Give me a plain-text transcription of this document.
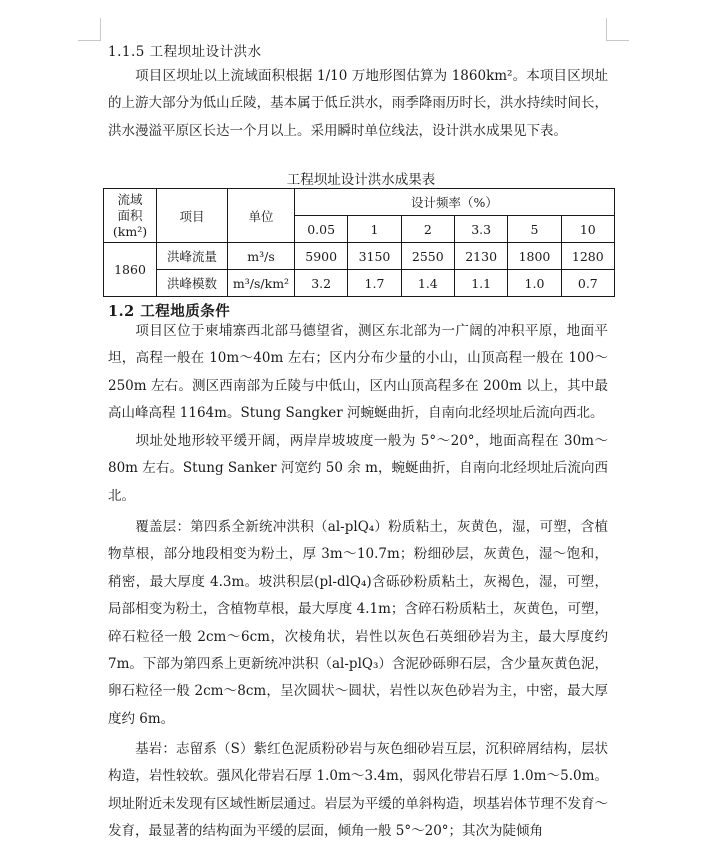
1.1.5 工程坝址设计洪水
项目区坝址以上流域面积根据 1/10 万地形图估算为 1860km²。本项目区坝址的上游大部分为低山丘陵，基本属于低丘洪水，雨季降雨历时长，洪水持续时间长，洪水漫溢平原区长达一个月以上。采用瞬时单位线法，设计洪水成果见下表。
工程坝址设计洪水成果表
流域
面积
(km²)	项目	单位	设计频率（%）					
			0.05	1	2	3.3	5	10
1860	洪峰流量	m³/s	5900	3150	2550	2130	1800	1280
	洪峰模数	m³/s/km²	3.2	1.7	1.4	1.1	1.0	0.7
1.2 工程地质条件
项目区位于柬埔寨西北部马德望省，测区东北部为一广阔的冲积平原，地面平坦，高程一般在 10m～40m 左右；区内分布少量的小山，山顶高程一般在 100～250m 左右。测区西南部为丘陵与中低山，区内山顶高程多在 200m 以上，其中最高山峰高程 1164m。Stung Sangker 河蜿蜒曲折，自南向北经坝址后流向西北。
坝址处地形较平缓开阔，两岸岸坡坡度一般为 5°～20°，地面高程在 30m～80m 左右。Stung Sanker 河宽约 50 余 m，蜿蜒曲折，自南向北经坝址后流向西北。
覆盖层：第四系全新统冲洪积（al-plQ₄）粉质粘土，灰黄色，湿，可塑，含植物草根，部分地段相变为粉土，厚 3m～10.7m；粉细砂层，灰黄色，湿～饱和，稍密，最大厚度 4.3m。坡洪积层(pl-dlQ₄)含砾砂粉质粘土，灰褐色，湿，可塑，局部相变为粉土，含植物草根，最大厚度 4.1m；含碎石粉质粘土，灰黄色，可塑，碎石粒径一般 2cm～6cm，次棱角状，岩性以灰色石英细砂岩为主，最大厚度约 7m。下部为第四系上更新统冲洪积（al-plQ₃）含泥砂砾卵石层，含少量灰黄色泥，卵石粒径一般 2cm～8cm，呈次圆状～圆状，岩性以灰色砂岩为主，中密，最大厚度约 6m。
基岩：志留系（S）紫红色泥质粉砂岩与灰色细砂岩互层，沉积碎屑结构，层状构造，岩性较软。强风化带岩石厚 1.0m～3.4m，弱风化带岩石厚 1.0m～5.0m。坝址附近未发现有区域性断层通过。岩层为平缓的单斜构造，坝基岩体节理不发育～发育，最显著的结构面为平缓的层面，倾角一般 5°～20°；其次为陡倾角
